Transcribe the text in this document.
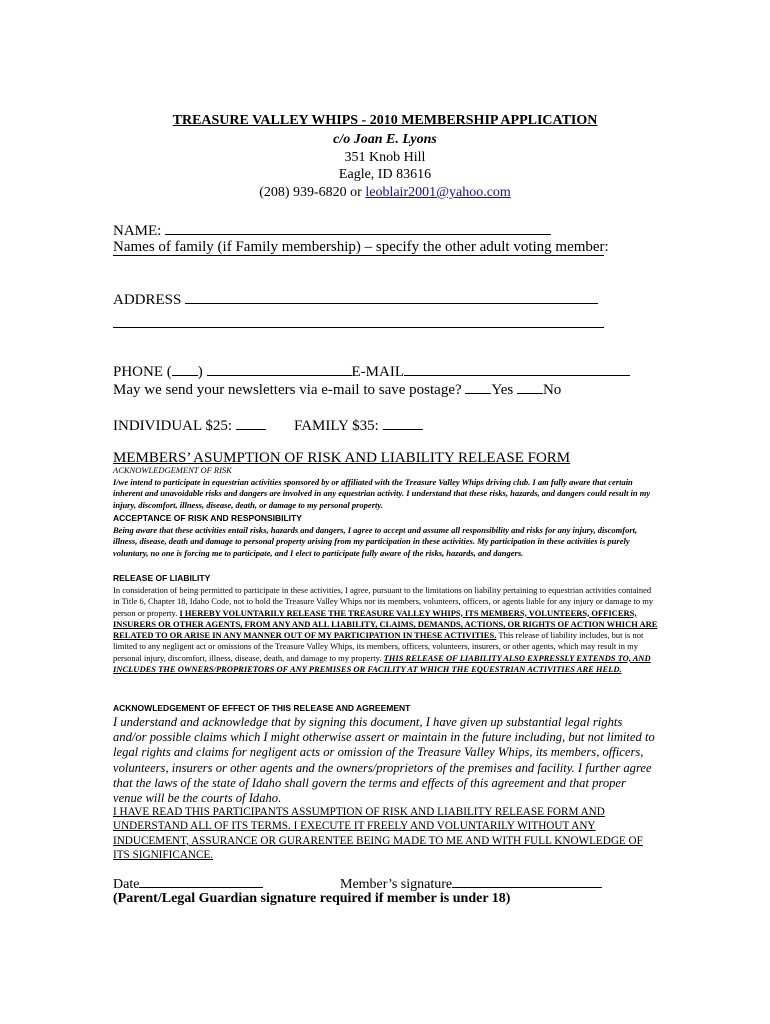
TREASURE VALLEY WHIPS - 2010 MEMBERSHIP APPLICATION
c/o Joan E. Lyons
351 Knob Hill
Eagle, ID 83616
(208) 939-6820 or leoblair2001@yahoo.com
NAME:
Names of family (if Family membership) – specify the other adult voting member:
ADDRESS
PHONE ( )	E-MAIL
May we send your newsletters via e-mail to save postage? Yes No
INDIVIDUAL $25:	FAMILY $35:
MEMBERS’ ASUMPTION OF RISK AND LIABILITY RELEASE FORM
ACKNOWLEDGEMENT OF RISK
I/we intend to participate in equestrian activities sponsored by or affiliated with the Treasure Valley Whips driving club. I am fully aware that certain inherent and unavoidable risks and dangers are involved in any equestrian activity. I understand that these risks, hazards, and dangers could result in my injury, discomfort, illness, disease, death, or damage to my personal property.
ACCEPTANCE OF RISK AND RESPONSIBILITY
Being aware that these activities entail risks, hazards and dangers, I agree to accept and assume all responsibility and risks for any injury, discomfort, illness, disease, death and damage to personal property arising from my participation in these activities. My participation in these activities is purely voluntary, no one is forcing me to participate, and I elect to participate fully aware of the risks, hazards, and dangers.
RELEASE OF LIABILITY
In consideration of being permitted to participate in these activities, I agree, pursuant to the limitations on liability pertaining to equestrian activities contained in Title 6, Chapter 18, Idaho Code, not to hold the Treasure Valley Whips nor its members, volunteers, officers, or agents liable for any injury or damage to my person or property. I HEREBY VOLUNTARILY RELEASE THE TREASURE VALLEY WHIPS, ITS MEMBERS, VOLUNTEERS, OFFICERS, INSURERS OR OTHER AGENTS, FROM ANY AND ALL LIABILITY, CLAIMS, DEMANDS, ACTIONS, OR RIGHTS OF ACTION WHICH ARE RELATED TO OR ARISE IN ANY MANNER OUT OF MY PARTICIPATION IN THESE ACTIVITIES. This release of liability includes, but is not limited to any negligent act or omissions of the Treasure Valley Whips, its members, officers, volunteers, insurers, or other agents, which may result in my personal injury, discomfort, illness, disease, death, and damage to my property. THIS RELEASE OF LIABILITY ALSO EXPRESSLY EXTENDS TO, AND INCLUDES THE OWNERS/PROPRIETORS OF ANY PREMISES OR FACILITY AT WHICH THE EQUESTRIAN ACTIVITIES ARE HELD.
ACKNOWLEDGEMENT OF EFFECT OF THIS RELEASE AND AGREEMENT
I understand and acknowledge that by signing this document, I have given up substantial legal rights and/or possible claims which I might otherwise assert or maintain in the future including, but not limited to legal rights and claims for negligent acts or omission of the Treasure Valley Whips, its members, officers, volunteers, insurers or other agents and the owners/proprietors of the premises and facility. I further agree that the laws of the state of Idaho shall govern the terms and effects of this agreement and that proper venue will be the courts of Idaho.
I HAVE READ THIS PARTICIPANTS ASSUMPTION OF RISK AND LIABILITY RELEASE FORM AND UNDERSTAND ALL OF ITS TERMS. I EXECUTE IT FREELY AND VOLUNTARILY WITHOUT ANY INDUCEMENT, ASSURANCE OR GURARENTEE BEING MADE TO ME AND WITH FULL KNOWLEDGE OF ITS SIGNIFICANCE.
Date	Member’s signature
(Parent/Legal Guardian signature required if member is under 18)
